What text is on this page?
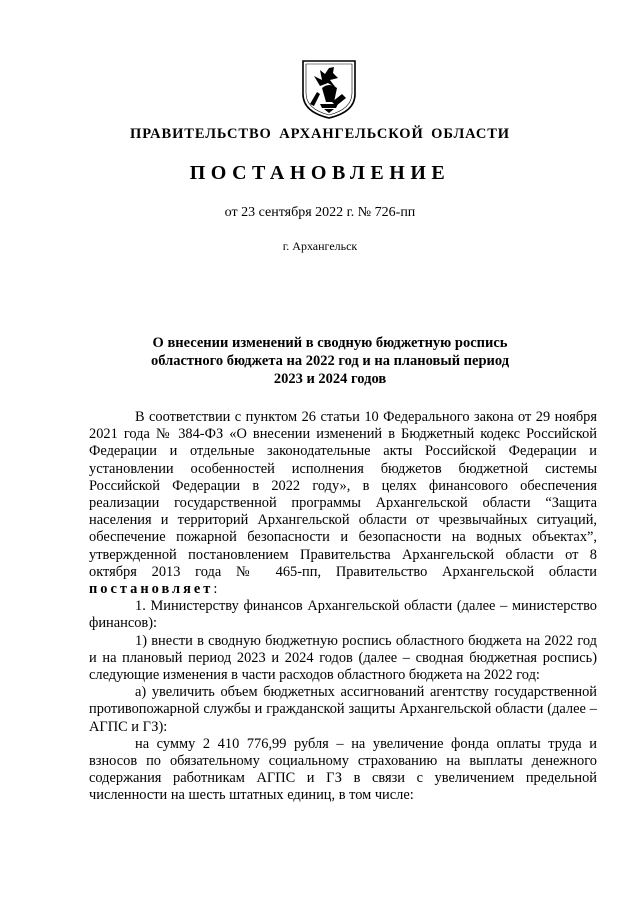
ПРАВИТЕЛЬСТВО АРХАНГЕЛЬСКОЙ ОБЛАСТИ
ПОСТАНОВЛЕНИЕ
от 23 сентября 2022 г. № 726-пп
г. Архангельск
О внесении изменений в сводную бюджетную роспись
областного бюджета на 2022 год и на плановый период
2023 и 2024 годов

В соответствии с пунктом 26 статьи 10 Федерального закона от 29 ноября 2021 года № 384-ФЗ «О внесении изменений в Бюджетный кодекс Российской Федерации и отдельные законодательные акты Российской Федерации и установлении особенностей исполнения бюджетов бюджетной системы Российской Федерации в 2022 году», в целях финансового обеспечения реализации государственной программы Архангельской области “Защита населения и территорий Архангельской области от чрезвычайных ситуаций, обеспечение пожарной безопасности и безопасности на водных объектах”, утвержденной постановлением Правительства Архангельской области от 8 октября 2013 года № 465-пп, Правительство Архангельской области постановляет:

1. Министерству финансов Архангельской области (далее – министерство финансов):

1) внести в сводную бюджетную роспись областного бюджета на 2022 год и на плановый период 2023 и 2024 годов (далее – сводная бюджетная роспись) следующие изменения в части расходов областного бюджета на 2022 год:

а) увеличить объем бюджетных ассигнований агентству государственной противопожарной службы и гражданской защиты Архангельской области (далее – АГПС и ГЗ):

на сумму 2 410 776,99 рубля – на увеличение фонда оплаты труда и взносов по обязательному социальному страхованию на выплаты денежного содержания работникам АГПС и ГЗ в связи с увеличением предельной численности на шесть штатных единиц, в том числе:
